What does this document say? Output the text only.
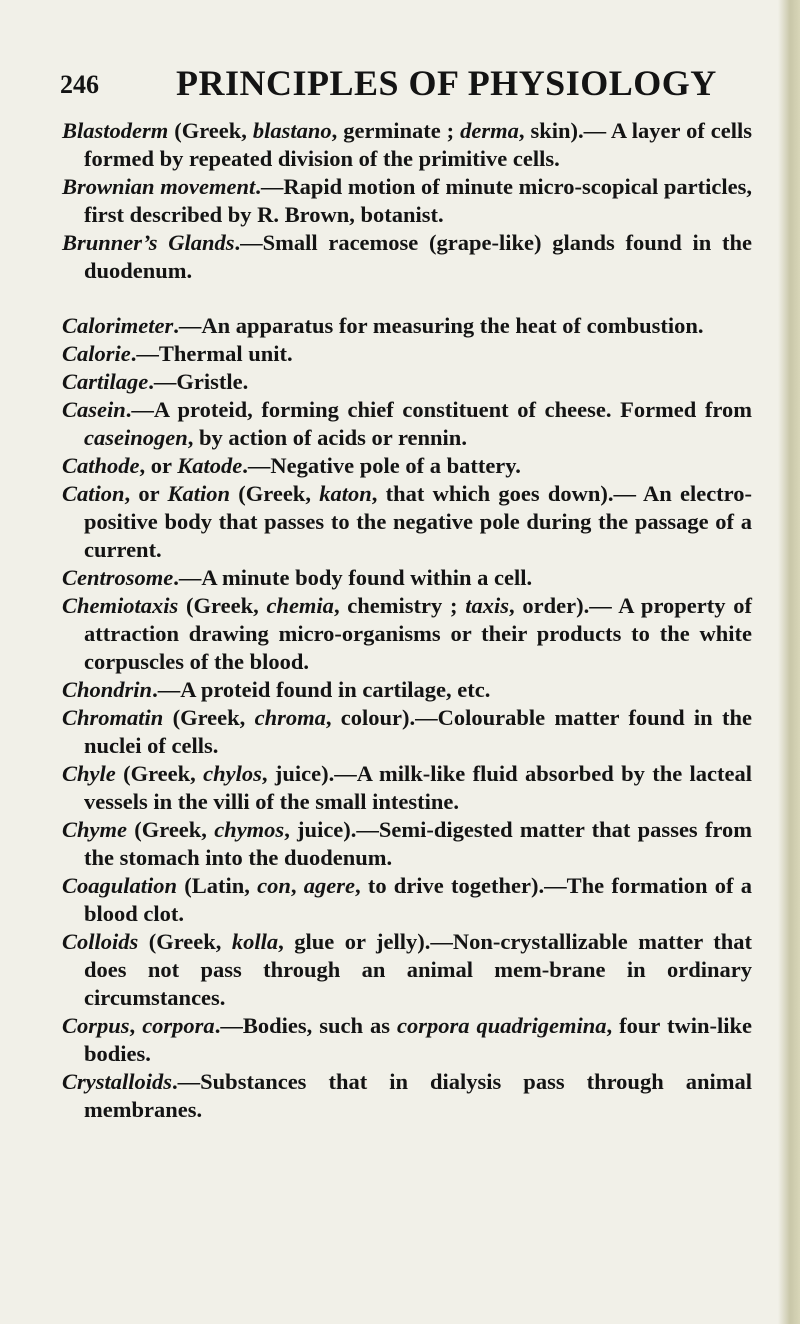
246 PRINCIPLES OF PHYSIOLOGY
Blastoderm (Greek, blastano, germinate ; derma, skin).— A layer of cells formed by repeated division of the primitive cells.
Brownian movement.—Rapid motion of minute micro-scopical particles, first described by R. Brown, botanist.
Brunner’s Glands.—Small racemose (grape-like) glands found in the duodenum.
Calorimeter.—An apparatus for measuring the heat of combustion.
Calorie.—Thermal unit.
Cartilage.—Gristle.
Casein.—A proteid, forming chief constituent of cheese. Formed from caseinogen, by action of acids or rennin.
Cathode, or Katode.—Negative pole of a battery.
Cation, or Kation (Greek, katon, that which goes down).— An electro-positive body that passes to the negative pole during the passage of a current.
Centrosome.—A minute body found within a cell.
Chemiotaxis (Greek, chemia, chemistry ; taxis, order).— A property of attraction drawing micro-organisms or their products to the white corpuscles of the blood.
Chondrin.—A proteid found in cartilage, etc.
Chromatin (Greek, chroma, colour).—Colourable matter found in the nuclei of cells.
Chyle (Greek, chylos, juice).—A milk-like fluid absorbed by the lacteal vessels in the villi of the small intestine.
Chyme (Greek, chymos, juice).—Semi-digested matter that passes from the stomach into the duodenum.
Coagulation (Latin, con, agere, to drive together).—The formation of a blood clot.
Colloids (Greek, kolla, glue or jelly).—Non-crystallizable matter that does not pass through an animal mem-brane in ordinary circumstances.
Corpus, corpora.—Bodies, such as corpora quadrigemina, four twin-like bodies.
Crystalloids.—Substances that in dialysis pass through animal membranes.
